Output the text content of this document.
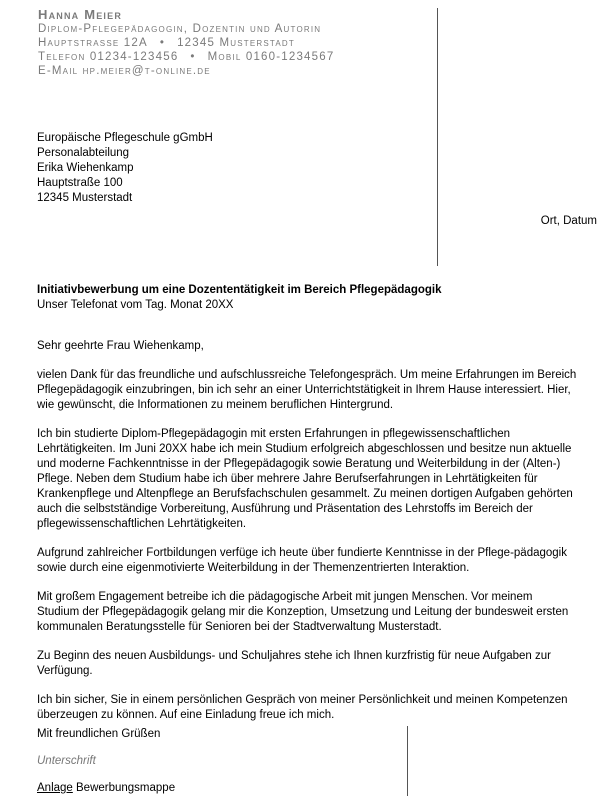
Hanna Meier
Diplom-Pflegepädagogin, Dozentin und Autorin
Hauptstrasse 12A • 12345 Musterstadt
Telefon 01234-123456 • Mobil 0160-1234567
E-Mail hp.meier@t-online.de
Europäische Pflegeschule gGmbH
Personalabteilung
Erika Wiehenkamp
Hauptstraße 100
12345 Musterstadt
Ort, Datum
Initiativbewerbung um eine Dozententätigkeit im Bereich Pflegepädagogik
Unser Telefonat vom Tag. Monat 20XX

Sehr geehrte Frau Wiehenkamp,

vielen Dank für das freundliche und aufschlussreiche Telefongespräch. Um meine Erfahrungen im Bereich Pflegepädagogik einzubringen, bin ich sehr an einer Unterrichtstätigkeit in Ihrem Hause interessiert. Hier, wie gewünscht, die Informationen zu meinem beruflichen Hintergrund.

Ich bin studierte Diplom-Pflegepädagogin mit ersten Erfahrungen in pflegewissenschaftlichen Lehrtätigkeiten. Im Juni 20XX habe ich mein Studium erfolgreich abgeschlossen und besitze nun aktuelle und moderne Fachkenntnisse in der Pflegepädagogik sowie Beratung und Weiterbildung in der (Alten-) Pflege. Neben dem Studium habe ich über mehrere Jahre Berufserfahrungen in Lehrtätigkeiten für Krankenpflege und Altenpflege an Berufsfachschulen gesammelt. Zu meinen dortigen Aufgaben gehörten auch die selbstständige Vorbereitung, Ausführung und Präsentation des Lehrstoffs im Bereich der pflegewissenschaftlichen Lehrtätigkeiten.

Aufgrund zahlreicher Fortbildungen verfüge ich heute über fundierte Kenntnisse in der Pflege-pädagogik sowie durch eine eigenmotivierte Weiterbildung in der Themenzentrierten Interaktion.

Mit großem Engagement betreibe ich die pädagogische Arbeit mit jungen Menschen. Vor meinem Studium der Pflegepädagogik gelang mir die Konzeption, Umsetzung und Leitung der bundesweit ersten kommunalen Beratungsstelle für Senioren bei der Stadtverwaltung Musterstadt.

Zu Beginn des neuen Ausbildungs- und Schuljahres stehe ich Ihnen kurzfristig für neue Aufgaben zur Verfügung.

Ich bin sicher, Sie in einem persönlichen Gespräch von meiner Persönlichkeit und meinen Kompetenzen überzeugen zu können. Auf eine Einladung freue ich mich.

Mit freundlichen Grüßen
Unterschrift
Anlage Bewerbungsmappe
